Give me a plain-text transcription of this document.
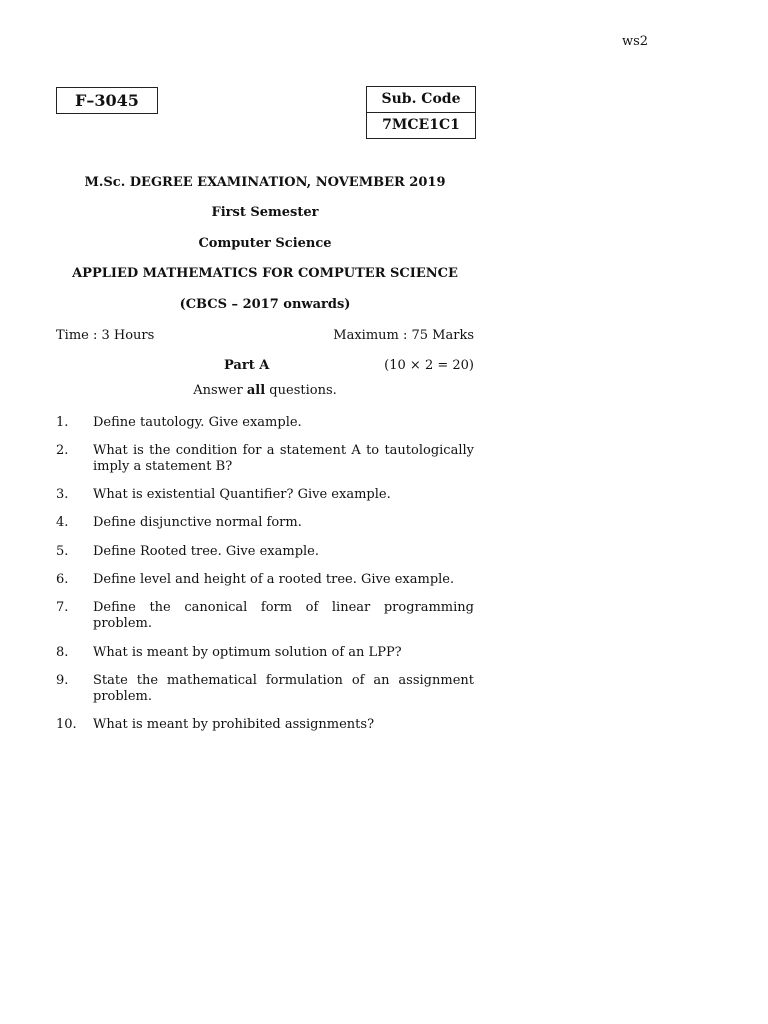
ws2
F–3045	Sub. Code
7MCE1C1
M.Sc. DEGREE EXAMINATION, NOVEMBER 2019
First Semester
Computer Science
APPLIED MATHEMATICS FOR COMPUTER SCIENCE
(CBCS – 2017 onwards)
Time : 3 Hours	Maximum : 75 Marks
Part A	(10 × 2 = 20)
Answer all questions.
1. Define tautology. Give example.
2. What is the condition for a statement A to tautologically imply a statement B?
3. What is existential Quantifier? Give example.
4. Define disjunctive normal form.
5. Define Rooted tree. Give example.
6. Define level and height of a rooted tree. Give example.
7. Define the canonical form of linear programming problem.
8. What is meant by optimum solution of an LPP?
9. State the mathematical formulation of an assignment problem.
10. What is meant by prohibited assignments?
